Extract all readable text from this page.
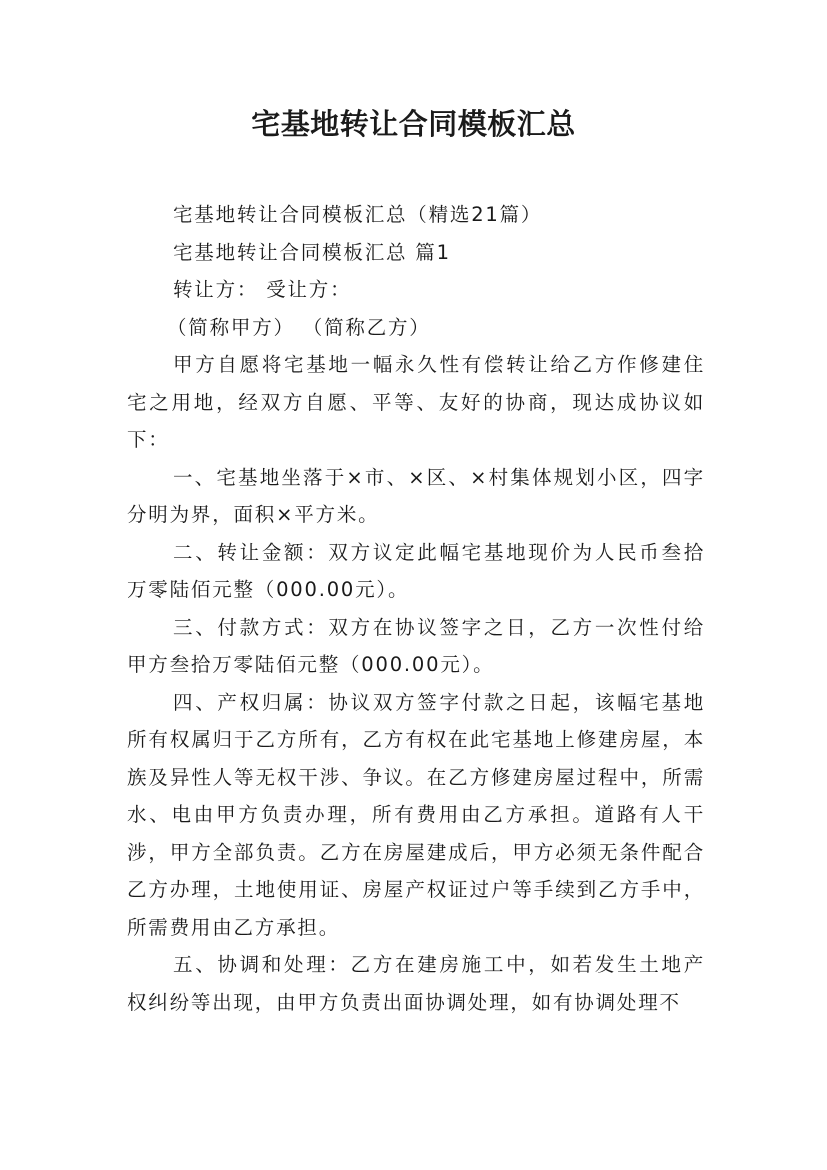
宅基地转让合同模板汇总

宅基地转让合同模板汇总（精选21篇）

宅基地转让合同模板汇总 篇1

转让方： 受让方：

（简称甲方） （简称乙方）

甲方自愿将宅基地一幅永久性有偿转让给乙方作修建住宅之用地，经双方自愿、平等、友好的协商，现达成协议如下：

一、宅基地坐落于×市、×区、×村集体规划小区，四字分明为界，面积×平方米。

二、转让金额：双方议定此幅宅基地现价为人民币叁拾万零陆佰元整（000.00元）。

三、付款方式：双方在协议签字之日，乙方一次性付给甲方叁拾万零陆佰元整（000.00元）。

四、产权归属：协议双方签字付款之日起，该幅宅基地所有权属归于乙方所有，乙方有权在此宅基地上修建房屋，本族及异性人等无权干涉、争议。在乙方修建房屋过程中，所需水、电由甲方负责办理，所有费用由乙方承担。道路有人干涉，甲方全部负责。乙方在房屋建成后，甲方必须无条件配合乙方办理，土地使用证、房屋产权证过户等手续到乙方手中，所需费用由乙方承担。

五、协调和处理：乙方在建房施工中，如若发生土地产权纠纷等出现，由甲方负责出面协调处理，如有协调处理不
